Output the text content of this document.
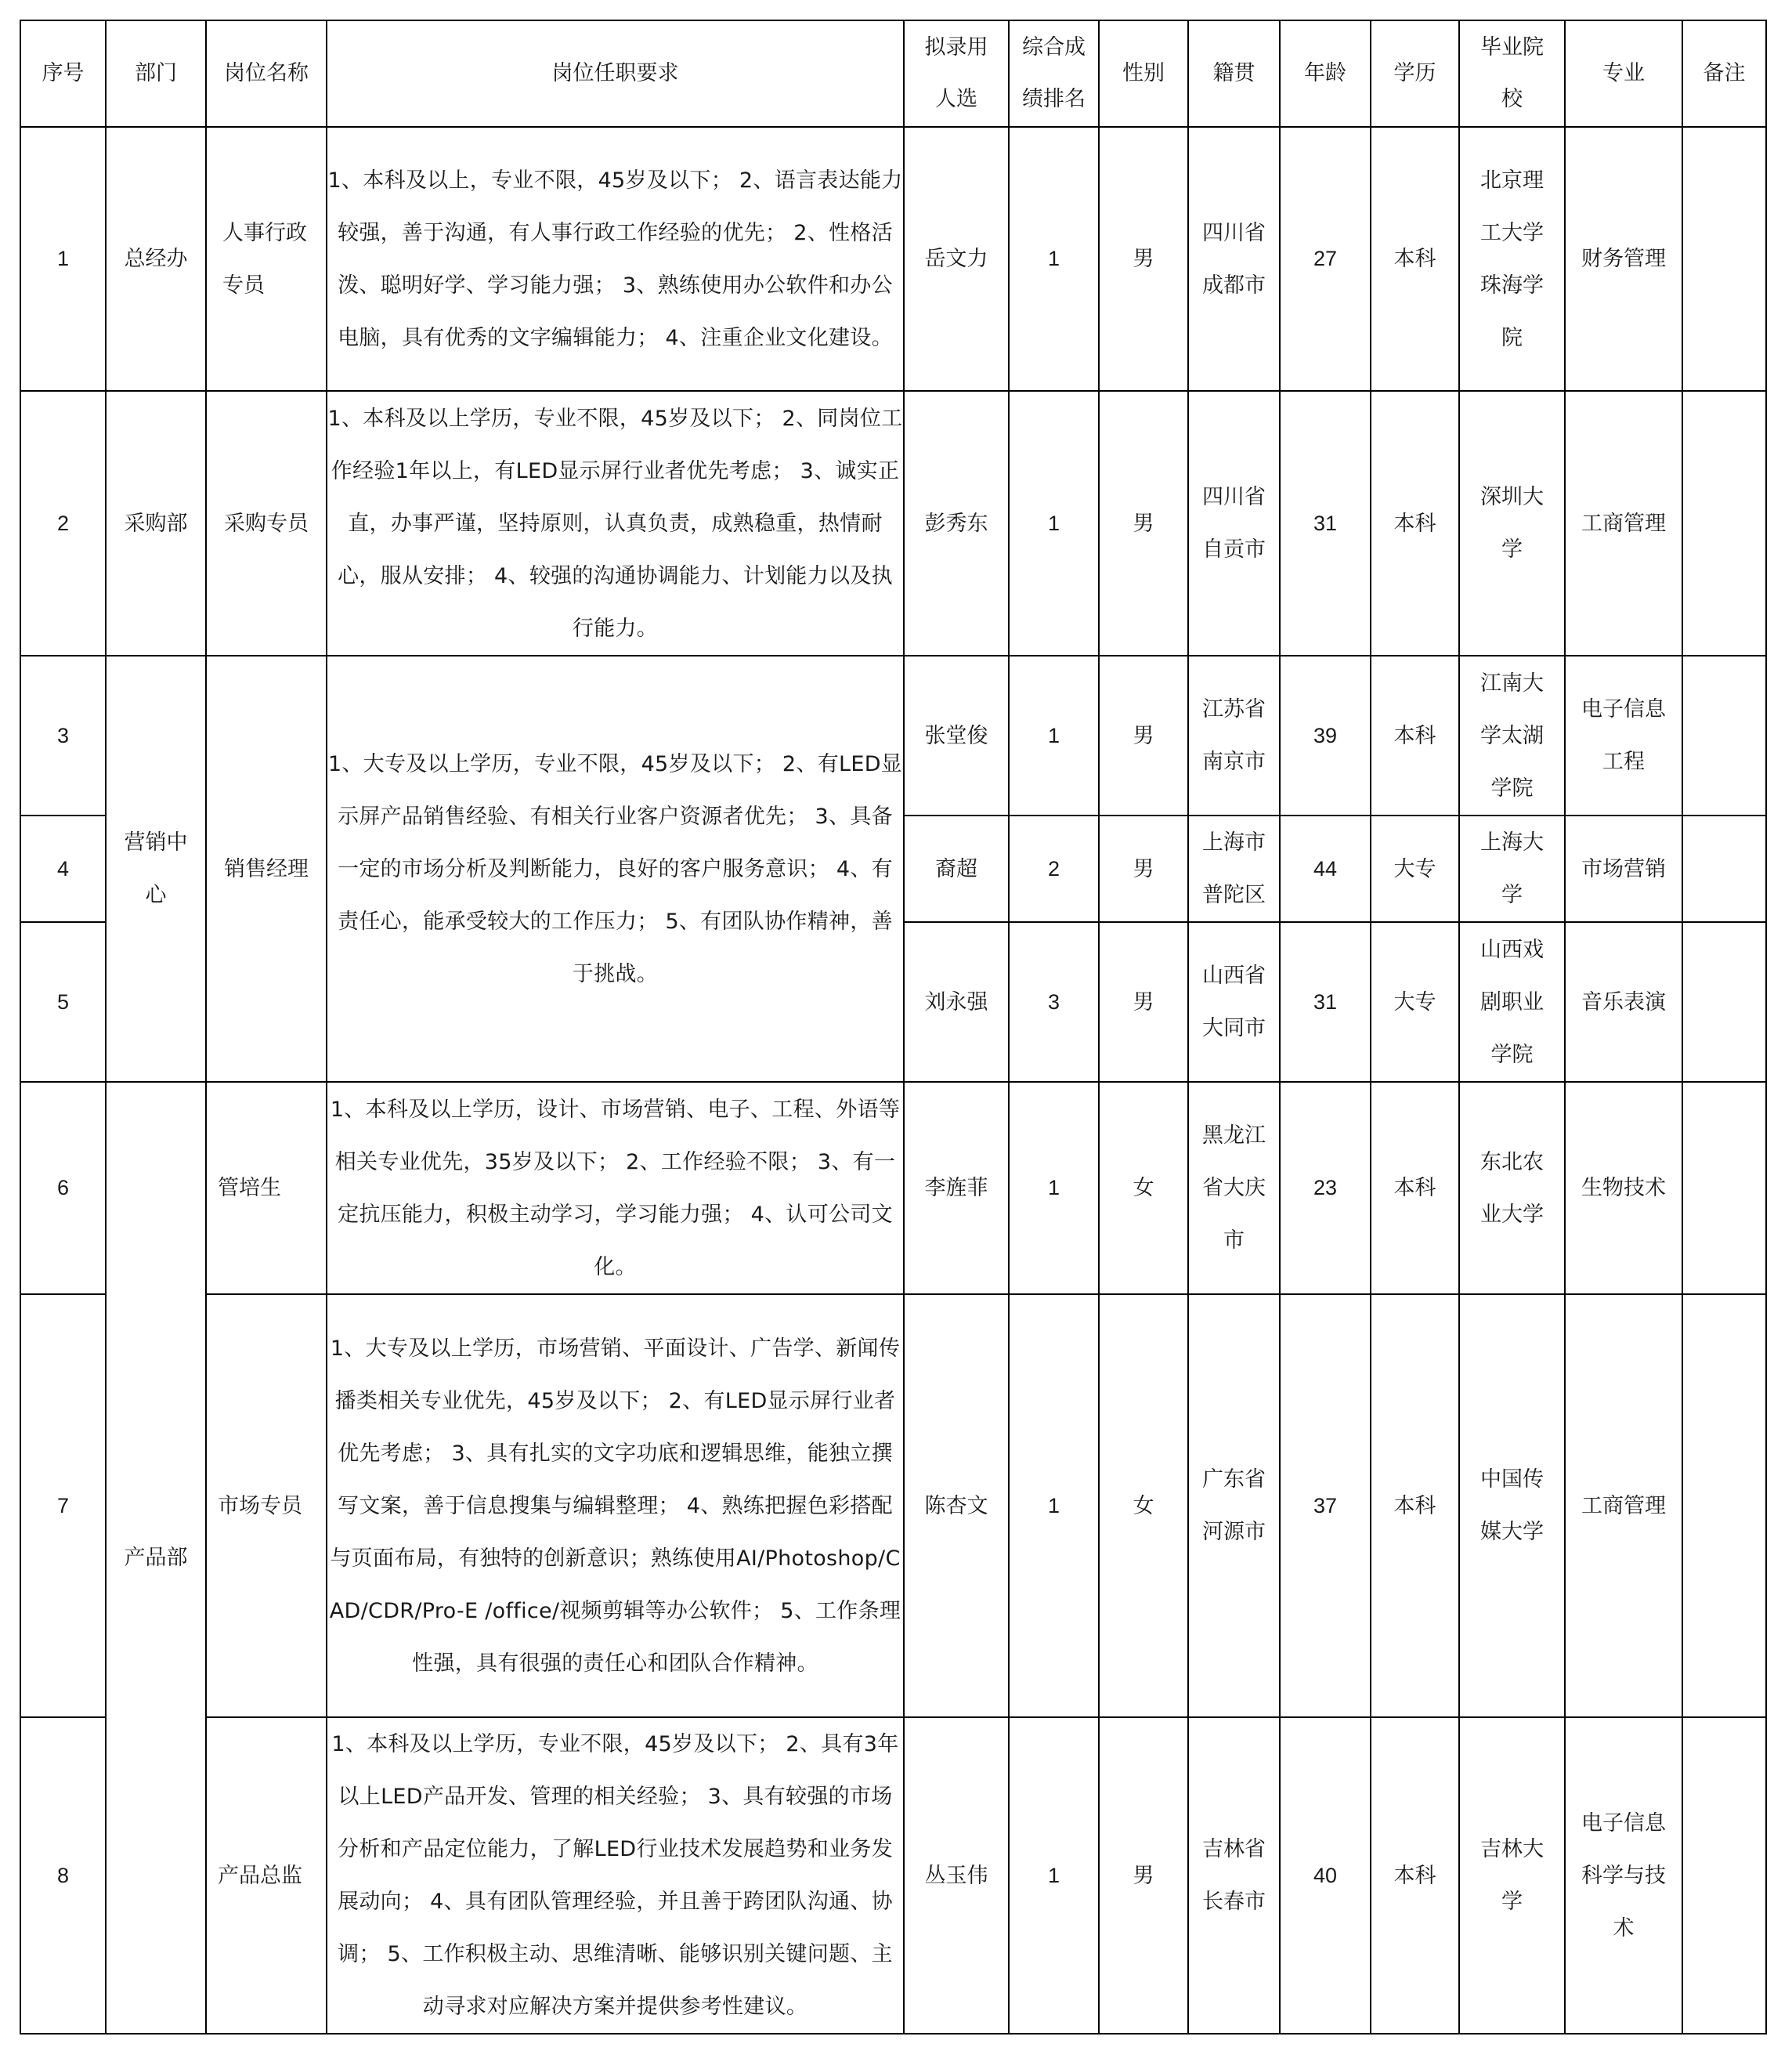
序号	部门	岗位名称	岗位任职要求	拟录用人选	综合成绩排名	性别	籍贯	年龄	学历	毕业院校	专业	备注
1	总经办	人事行政专员	1、本科及以上，专业不限，45岁及以下； 2、语言表达能力较强，善于沟通，有人事行政工作经验的优先； 2、性格活泼、聪明好学、学习能力强； 3、熟练使用办公软件和办公电脑，具有优秀的文字编辑能力； 4、注重企业文化建设。	岳文力	1	男	四川省成都市	27	本科	北京理工大学珠海学院	财务管理	
2	采购部	采购专员	1、本科及以上学历，专业不限，45岁及以下； 2、同岗位工作经验1年以上，有LED显示屏行业者优先考虑； 3、诚实正直，办事严谨，坚持原则，认真负责，成熟稳重，热情耐心，服从安排； 4、较强的沟通协调能力、计划能力以及执行能力。	彭秀东	1	男	四川省自贡市	31	本科	深圳大学	工商管理	
3	营销中心	销售经理	1、大专及以上学历，专业不限，45岁及以下； 2、有LED显示屏产品销售经验、有相关行业客户资源者优先； 3、具备一定的市场分析及判断能力，良好的客户服务意识； 4、有责任心，能承受较大的工作压力； 5、有团队协作精神，善于挑战。	张堂俊	1	男	江苏省南京市	39	本科	江南大学太湖学院	电子信息工程	

4				裔超	2	男	上海市普陀区	44	大专	上海大学	市场营销	
5				刘永强	3	男	山西省大同市	31	大专	山西戏剧职业学院	音乐表演	
6	产品部	管培生	1、本科及以上学历，设计、市场营销、电子、工程、外语等相关专业优先，35岁及以下； 2、工作经验不限； 3、有一定抗压能力，积极主动学习，学习能力强； 4、认可公司文化。	李旌菲	1	女	黑龙江省大庆市	23	本科	东北农业大学	生物技术	
7		市场专员	1、大专及以上学历，市场营销、平面设计、广告学、新闻传播类相关专业优先，45岁及以下； 2、有LED显示屏行业者优先考虑； 3、具有扎实的文字功底和逻辑思维，能独立撰写文案，善于信息搜集与编辑整理； 4、熟练把握色彩搭配与页面布局，有独特的创新意识；熟练使用AI/Photoshop/CAD/CDR/Pro-E /office/视频剪辑等办公软件； 5、工作条理性强，具有很强的责任心和团队合作精神。	陈杏文	1	女	广东省河源市	37	本科	中国传媒大学	工商管理	
8		产品总监	1、本科及以上学历，专业不限，45岁及以下； 2、具有3年以上LED产品开发、管理的相关经验； 3、具有较强的市场分析和产品定位能力，了解LED行业技术发展趋势和业务发展动向； 4、具有团队管理经验，并且善于跨团队沟通、协调； 5、工作积极主动、思维清晰、能够识别关键问题、主动寻求对应解决方案并提供参考性建议。	丛玉伟	1	男	吉林省长春市	40	本科	吉林大学	电子信息科学与技术	
